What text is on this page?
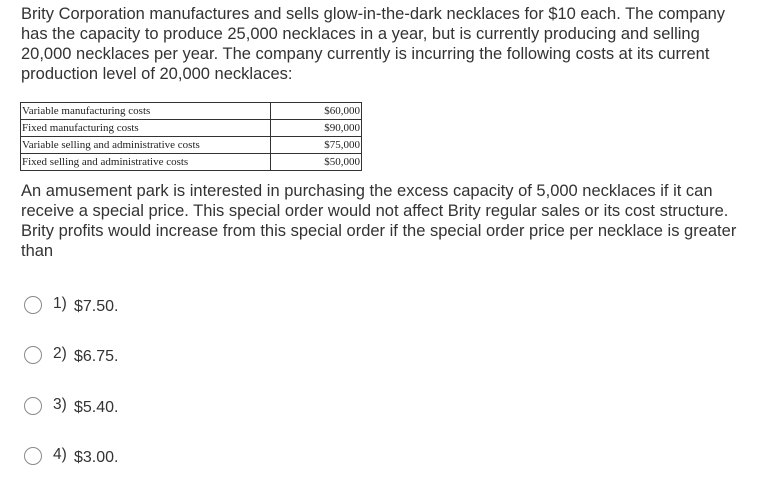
Brity Corporation manufactures and sells glow-in-the-dark necklaces for $10 each. The company has the capacity to produce 25,000 necklaces in a year, but is currently producing and selling 20,000 necklaces per year. The company currently is incurring the following costs at its current production level of 20,000 necklaces:

Variable manufacturing costs	$60,000
Fixed manufacturing costs	$90,000
Variable selling and administrative costs	$75,000
Fixed selling and administrative costs	$50,000

An amusement park is interested in purchasing the excess capacity of 5,000 necklaces if it can receive a special price. This special order would not affect Brity regular sales or its cost structure. Brity profits would increase from this special order if the special order price per necklace is greater than

1) $7.50.
2) $6.75.
3) $5.40.
4) $3.00.
